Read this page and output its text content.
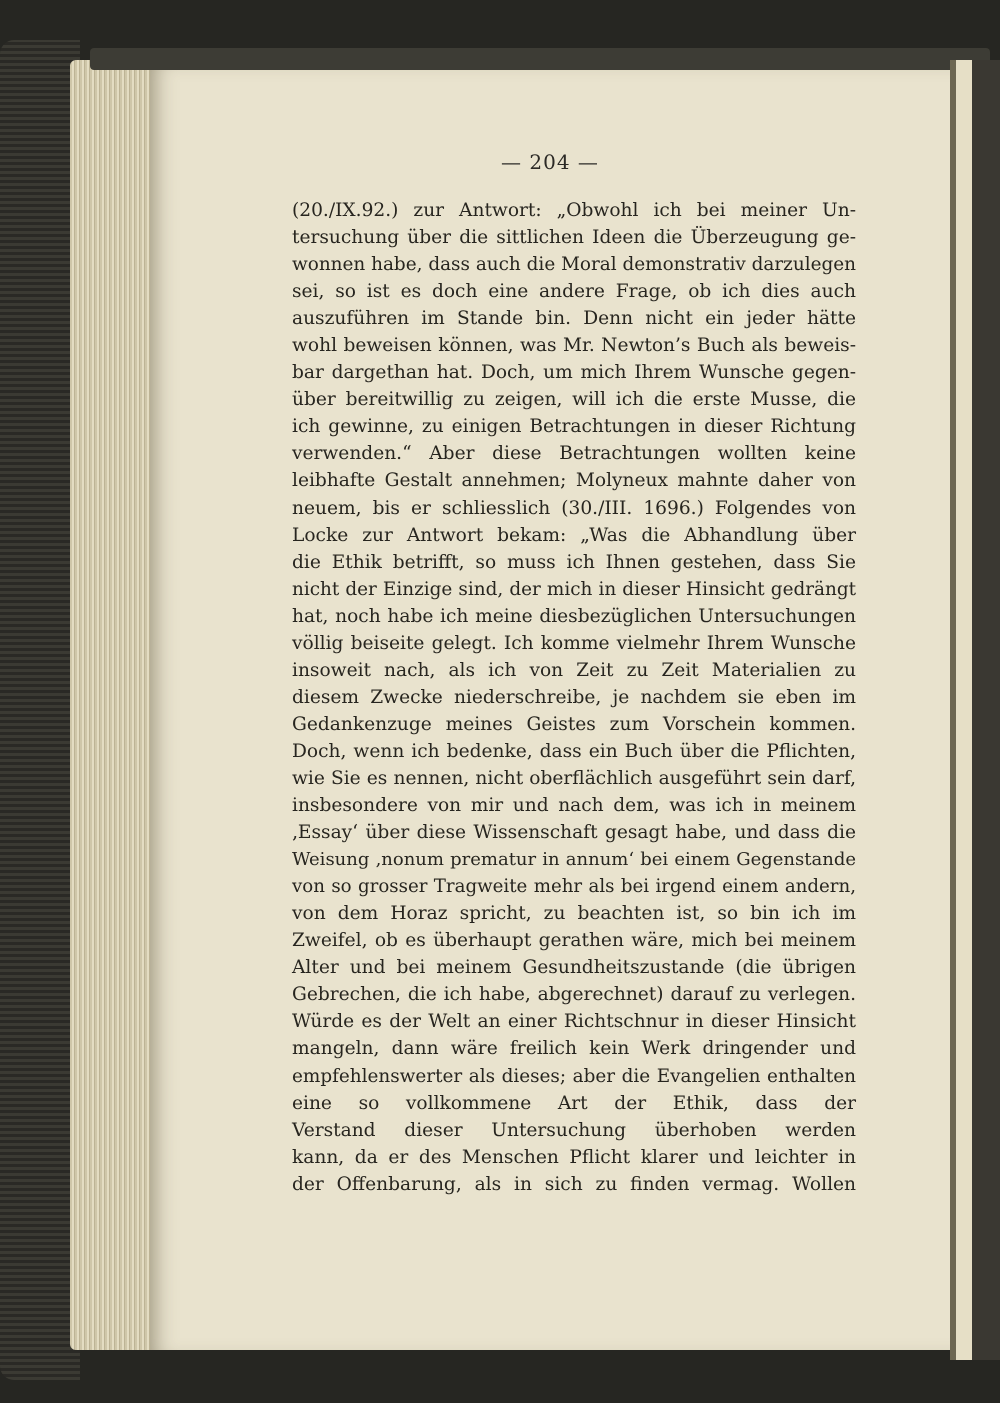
— 204 —
(20./IX.92.) zur Antwort: „Obwohl ich bei meiner Un-
tersuchung über die sittlichen Ideen die Überzeugung ge-
wonnen habe, dass auch die Moral demonstrativ darzulegen
sei, so ist es doch eine andere Frage, ob ich dies auch
auszuführen im Stande bin. Denn nicht ein jeder hätte
wohl beweisen können, was Mr. Newton’s Buch als beweis-
bar dargethan hat. Doch, um mich Ihrem Wunsche gegen-
über bereitwillig zu zeigen, will ich die erste Musse, die
ich gewinne, zu einigen Betrachtungen in dieser Richtung
verwenden.“ Aber diese Betrachtungen wollten keine
leibhafte Gestalt annehmen; Molyneux mahnte daher von
neuem, bis er schliesslich (30./III. 1696.) Folgendes von
Locke zur Antwort bekam: „Was die Abhandlung über
die Ethik betrifft, so muss ich Ihnen gestehen, dass Sie
nicht der Einzige sind, der mich in dieser Hinsicht gedrängt
hat, noch habe ich meine diesbezüglichen Untersuchungen
völlig beiseite gelegt. Ich komme vielmehr Ihrem Wunsche
insoweit nach, als ich von Zeit zu Zeit Materialien zu
diesem Zwecke niederschreibe, je nachdem sie eben im
Gedankenzuge meines Geistes zum Vorschein kommen.
Doch, wenn ich bedenke, dass ein Buch über die Pflichten,
wie Sie es nennen, nicht oberflächlich ausgeführt sein darf,
insbesondere von mir und nach dem, was ich in meinem
‚Essay‘ über diese Wissenschaft gesagt habe, und dass die
Weisung ‚nonum prematur in annum‘ bei einem Gegenstande
von so grosser Tragweite mehr als bei irgend einem andern,
von dem Horaz spricht, zu beachten ist, so bin ich im
Zweifel, ob es überhaupt gerathen wäre, mich bei meinem
Alter und bei meinem Gesundheitszustande (die übrigen
Gebrechen, die ich habe, abgerechnet) darauf zu verlegen.
Würde es der Welt an einer Richtschnur in dieser Hinsicht
mangeln, dann wäre freilich kein Werk dringender und
empfehlenswerter als dieses; aber die Evangelien enthalten
eine so vollkommene Art der Ethik, dass der
Verstand dieser Untersuchung überhoben werden
kann, da er des Menschen Pflicht klarer und leichter in
der Offenbarung, als in sich zu finden vermag. Wollen
